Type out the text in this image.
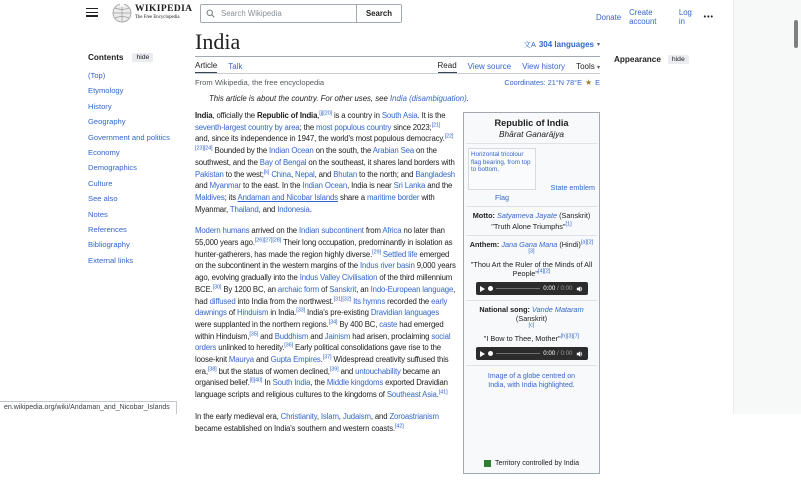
WIKIPEDIA
The Free Encyclopedia
Search Wikipedia	Search	Donate Create account
Log in	•••
Contents	hide
(Top)
Etymology
History
Geography
Government and politics
Economy
Demographics
Culture
See also
Notes
References
Bibliography
External links
India	文A 304 languages ▾
Article Talk	Read View source View history Tools ▾
From Wikipedia, the free encyclopedia	Coordinates: 21°N 78°E ★ E
This article is about the country. For other uses, see India (disambiguation).
Republic of India
Bhārat Ganarājya
Horizontal tricolour flag bearing, from top to bottom,
Flag
State emblem
Motto: Satyameva Jayate (Sanskrit)
"Truth Alone Triumphs"[1]
Anthem: Jana Gana Mana (Hindi)[a][2][3]
"Thou Art the Ruler of the Minds of All People"[4][2]
0:00 / 0:00
National song: Vande Mataram (Sanskrit)
[c]
"I Bow to Thee, Mother"[h][3][7]
0:00 / 0:00
Image of a globe centred on India, with India highlighted.
Territory controlled by India

India, officially the Republic of India,[j][20] is a country in South Asia. It is the seventh-largest country by area; the most populous country since 2023;[21] and, since its independence in 1947, the world's most populous democracy.[22][23][24] Bounded by the Indian Ocean on the south, the Arabian Sea on the southwest, and the Bay of Bengal on the southeast, it shares land borders with Pakistan to the west;[k] China, Nepal, and Bhutan to the north; and Bangladesh and Myanmar to the east. In the Indian Ocean, India is near Sri Lanka and the Maldives; its Andaman and Nicobar Islands share a maritime border with Myanmar, Thailand, and Indonesia.

Modern humans arrived on the Indian subcontinent from Africa no later than 55,000 years ago.[26][27][28] Their long occupation, predominantly in isolation as hunter-gatherers, has made the region highly diverse.[29] Settled life emerged on the subcontinent in the western margins of the Indus river basin 9,000 years ago, evolving gradually into the Indus Valley Civilisation of the third millennium BCE.[30] By 1200 BC, an archaic form of Sanskrit, an Indo-European language, had diffused into India from the northwest.[31][32] Its hymns recorded the early dawnings of Hinduism in India.[33] India's pre-existing Dravidian languages were supplanted in the northern regions.[34] By 400 BC, caste had emerged within Hinduism,[35] and Buddhism and Jainism had arisen, proclaiming social orders unlinked to heredity.[36] Early political consolidations gave rise to the loose-knit Maurya and Gupta Empires.[37] Widespread creativity suffused this era,[38] but the status of women declined,[39] and untouchability became an organised belief.[l][40] In South India, the Middle kingdoms exported Dravidian language scripts and religious cultures to the kingdoms of Southeast Asia.[41]

In the early medieval era, Christianity, Islam, Judaism, and Zoroastrianism became established on India's southern and western coasts.[42]

Appearance	hide
en.wikipedia.org/wiki/Andaman_and_Nicobar_Islands
